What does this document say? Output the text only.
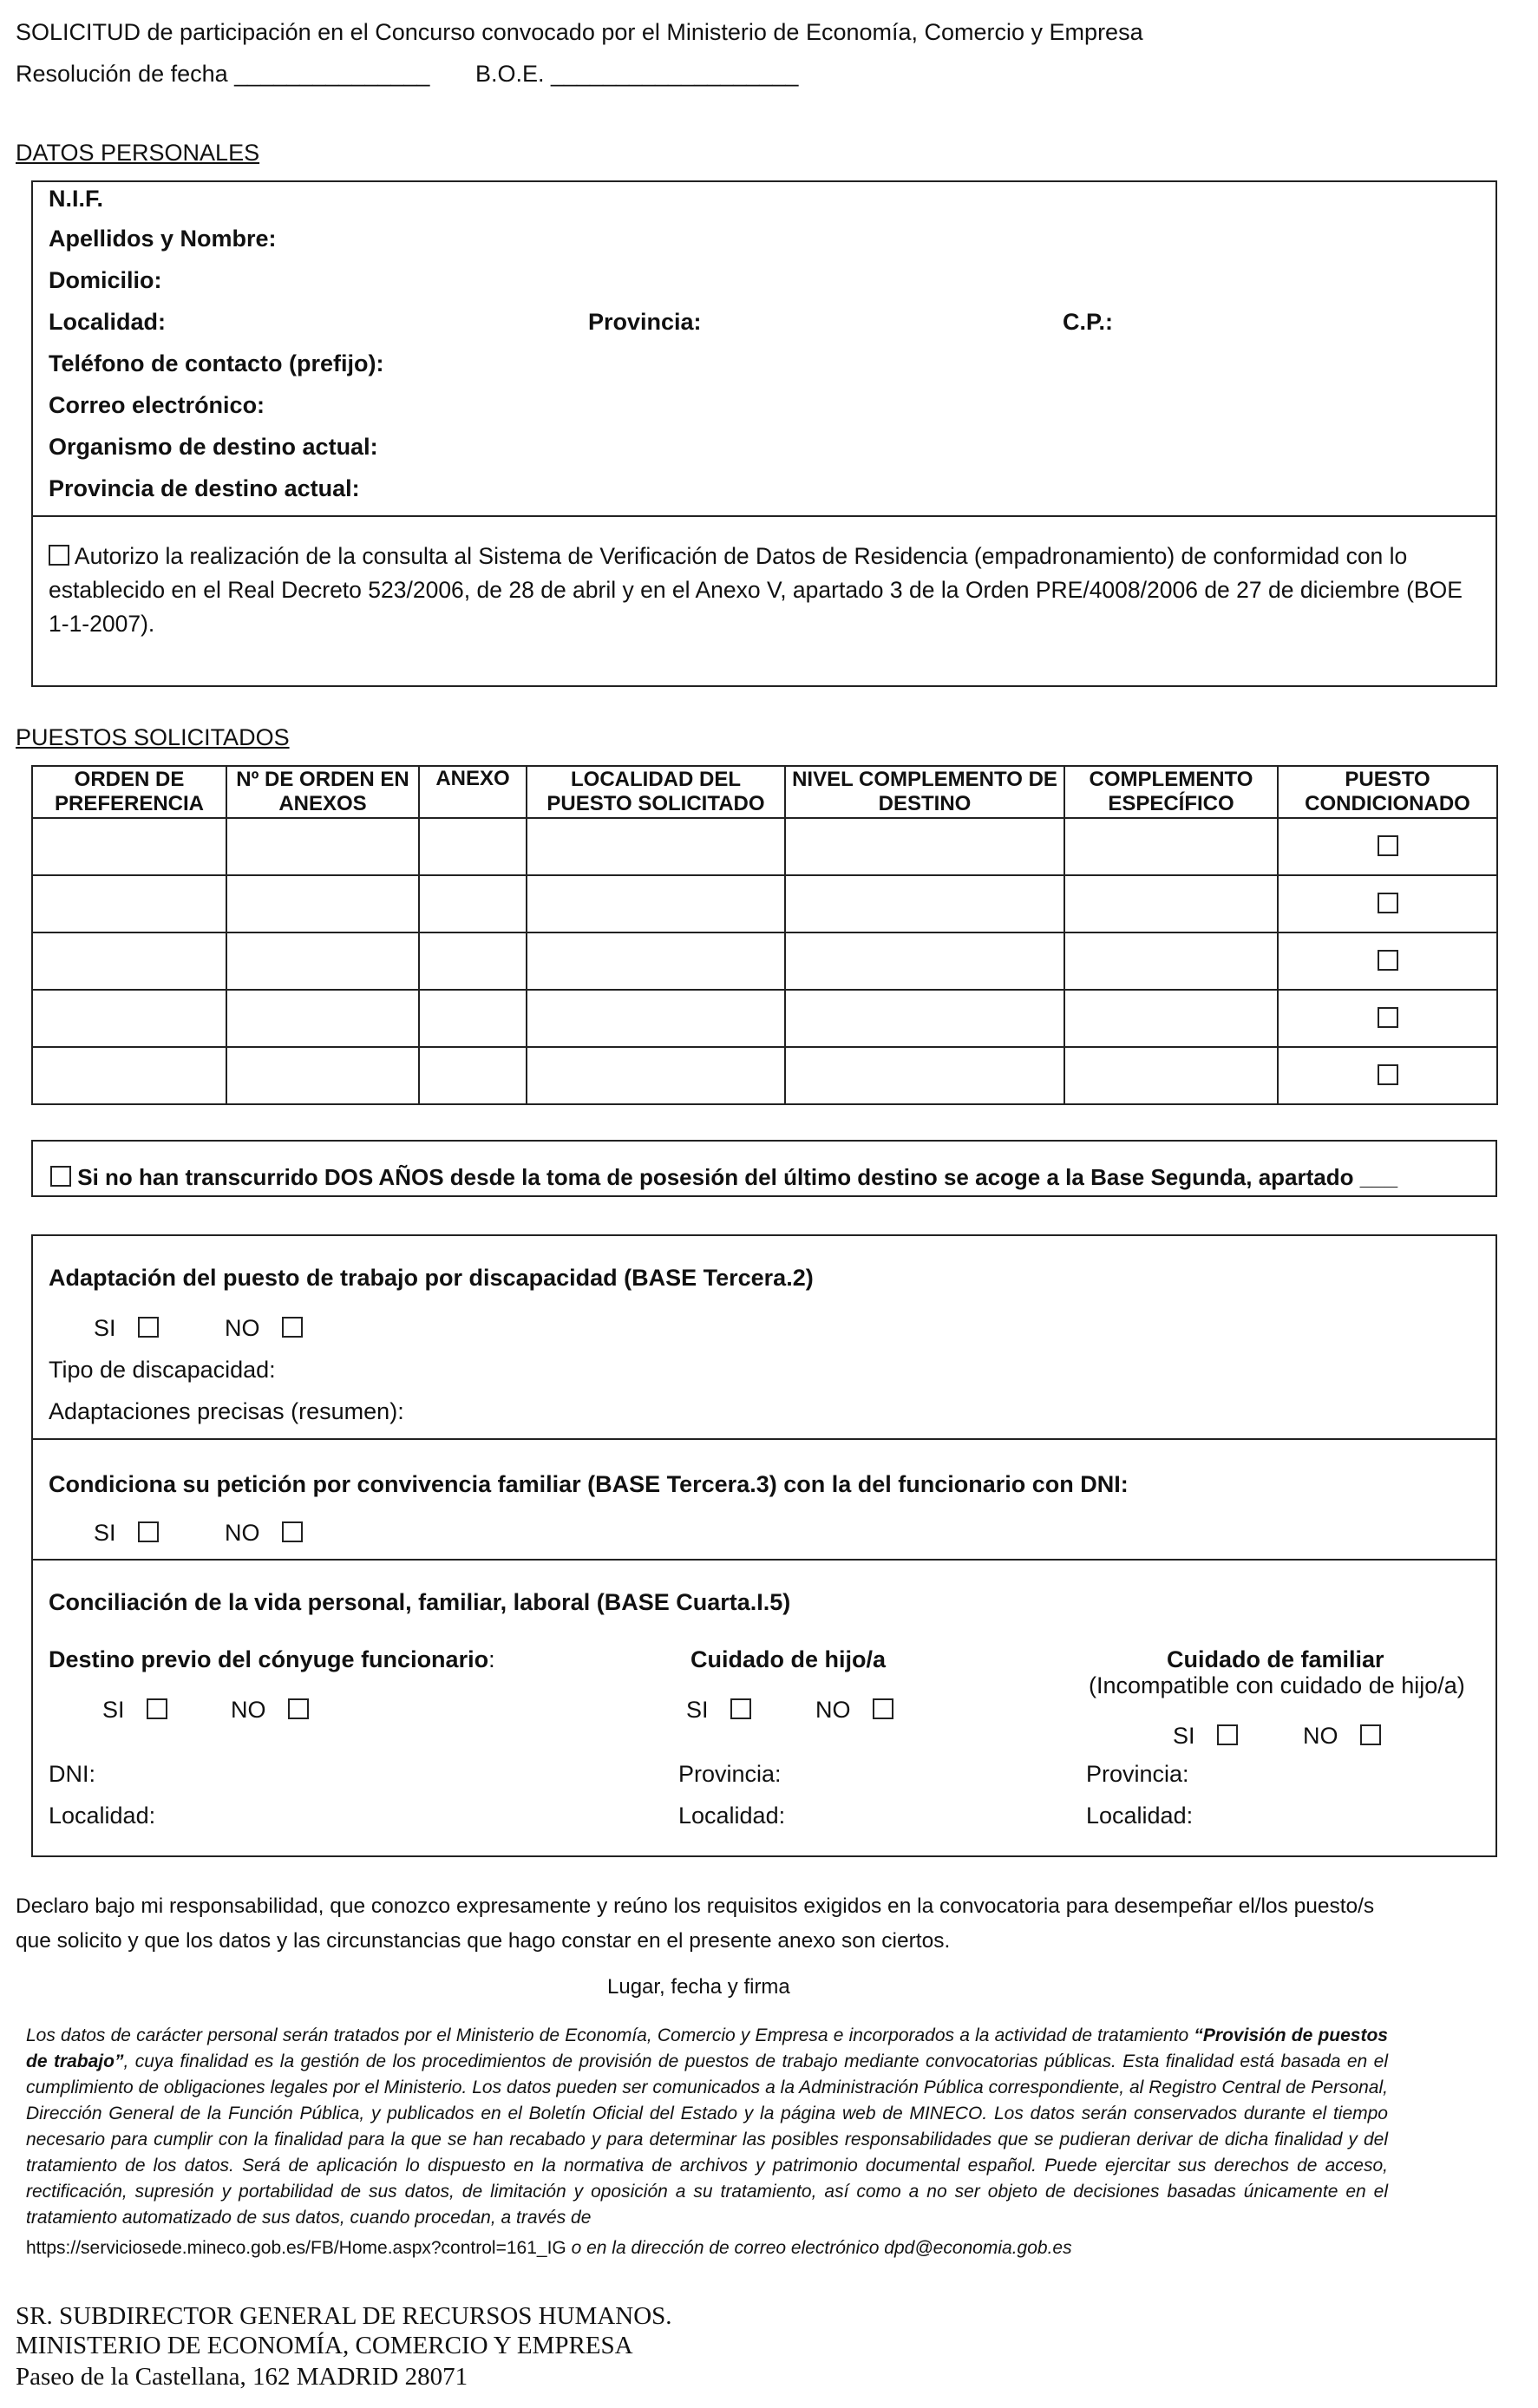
SOLICITUD de participación en el Concurso convocado por el Ministerio de Economía, Comercio y Empresa
Resolución de fecha _______________ B.O.E. ___________________
DATOS PERSONALES
N.I.F.
Apellidos y Nombre:
Domicilio:
Localidad:	Provincia:	C.P.:
Teléfono de contacto (prefijo):
Correo electrónico:
Organismo de destino actual:
Provincia de destino actual:
Autorizo la realización de la consulta al Sistema de Verificación de Datos de Residencia (empadronamiento) de conformidad con lo establecido en el Real Decreto 523/2006, de 28 de abril y en el Anexo V, apartado 3 de la Orden PRE/4008/2006 de 27 de diciembre (BOE 1-1-2007).
PUESTOS SOLICITADOS
ORDEN DE PREFERENCIA	Nº DE ORDEN EN ANEXOS	ANEXO	LOCALIDAD DEL PUESTO SOLICITADO	NIVEL COMPLEMENTO DE DESTINO	COMPLEMENTO ESPECÍFICO	PUESTO CONDICIONADO

Si no han transcurrido DOS AÑOS desde la toma de posesión del último destino se acoge a la Base Segunda, apartado ___
Adaptación del puesto de trabajo por discapacidad (BASE Tercera.2)
SI	NO
Tipo de discapacidad:
Adaptaciones precisas (resumen):
Condiciona su petición por convivencia familiar (BASE Tercera.3) con la del funcionario con DNI:
SI	NO
Conciliación de la vida personal, familiar, laboral (BASE Cuarta.I.5)
Destino previo del cónyuge funcionario:	Cuidado de hijo/a	Cuidado de familiar
(Incompatible con cuidado de hijo/a)
SI	NO	SI	NO
SI	NO
DNI:	Provincia:	Provincia:
Localidad:	Localidad:	Localidad:
Declaro bajo mi responsabilidad, que conozco expresamente y reúno los requisitos exigidos en la convocatoria para desempeñar el/los puesto/s
que solicito y que los datos y las circunstancias que hago constar en el presente anexo son ciertos.
Lugar, fecha y firma
Los datos de carácter personal serán tratados por el Ministerio de Economía, Comercio y Empresa e incorporados a la actividad de tratamiento “Provisión de puestos de trabajo”, cuya finalidad es la gestión de los procedimientos de provisión de puestos de trabajo mediante convocatorias públicas. Esta finalidad está basada en el cumplimiento de obligaciones legales por el Ministerio. Los datos pueden ser comunicados a la Administración Pública correspondiente, al Registro Central de Personal, Dirección General de la Función Pública, y publicados en el Boletín Oficial del Estado y la página web de MINECO. Los datos serán conservados durante el tiempo necesario para cumplir con la finalidad para la que se han recabado y para determinar las posibles responsabilidades que se pudieran derivar de dicha finalidad y del tratamiento de los datos. Será de aplicación lo dispuesto en la normativa de archivos y patrimonio documental español. Puede ejercitar sus derechos de acceso, rectificación, supresión y portabilidad de sus datos, de limitación y oposición a su tratamiento, así como a no ser objeto de decisiones basadas únicamente en el tratamiento automatizado de sus datos, cuando procedan, a través de
https://serviciosede.mineco.gob.es/FB/Home.aspx?control=161_IG o en la dirección de correo electrónico dpd@economia.gob.es
SR. SUBDIRECTOR GENERAL DE RECURSOS HUMANOS.
MINISTERIO DE ECONOMÍA, COMERCIO Y EMPRESA
Paseo de la Castellana, 162 MADRID 28071
